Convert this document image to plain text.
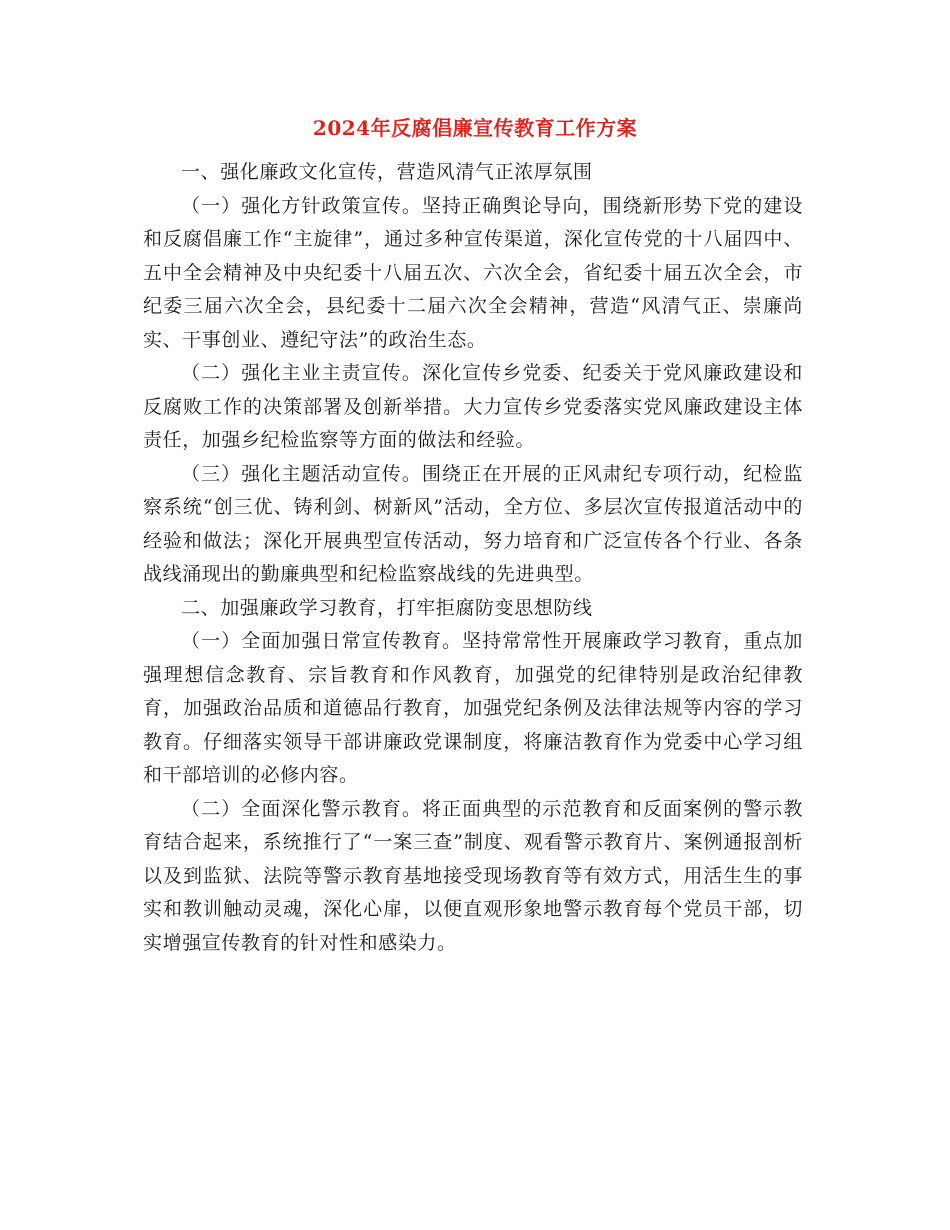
2024年反腐倡廉宣传教育工作方案

一、强化廉政文化宣传，营造风清气正浓厚氛围

（一）强化方针政策宣传。坚持正确舆论导向，围绕新形势下党的建设和反腐倡廉工作“主旋律”，通过多种宣传渠道，深化宣传党的十八届四中、五中全会精神及中央纪委十八届五次、六次全会，省纪委十届五次全会，市纪委三届六次全会，县纪委十二届六次全会精神，营造“风清气正、崇廉尚实、干事创业、遵纪守法”的政治生态。

（二）强化主业主责宣传。深化宣传乡党委、纪委关于党风廉政建设和反腐败工作的决策部署及创新举措。大力宣传乡党委落实党风廉政建设主体责任，加强乡纪检监察等方面的做法和经验。

（三）强化主题活动宣传。围绕正在开展的正风肃纪专项行动，纪检监察系统“创三优、铸利剑、树新风”活动，全方位、多层次宣传报道活动中的经验和做法；深化开展典型宣传活动，努力培育和广泛宣传各个行业、各条战线涌现出的勤廉典型和纪检监察战线的先进典型。

二、加强廉政学习教育，打牢拒腐防变思想防线

（一）全面加强日常宣传教育。坚持常常性开展廉政学习教育，重点加强理想信念教育、宗旨教育和作风教育，加强党的纪律特别是政治纪律教育，加强政治品质和道德品行教育，加强党纪条例及法律法规等内容的学习教育。仔细落实领导干部讲廉政党课制度，将廉洁教育作为党委中心学习组和干部培训的必修内容。

（二）全面深化警示教育。将正面典型的示范教育和反面案例的警示教育结合起来，系统推行了“一案三查”制度、观看警示教育片、案例通报剖析以及到监狱、法院等警示教育基地接受现场教育等有效方式，用活生生的事实和教训触动灵魂，深化心扉，以便直观形象地警示教育每个党员干部，切实增强宣传教育的针对性和感染力。
